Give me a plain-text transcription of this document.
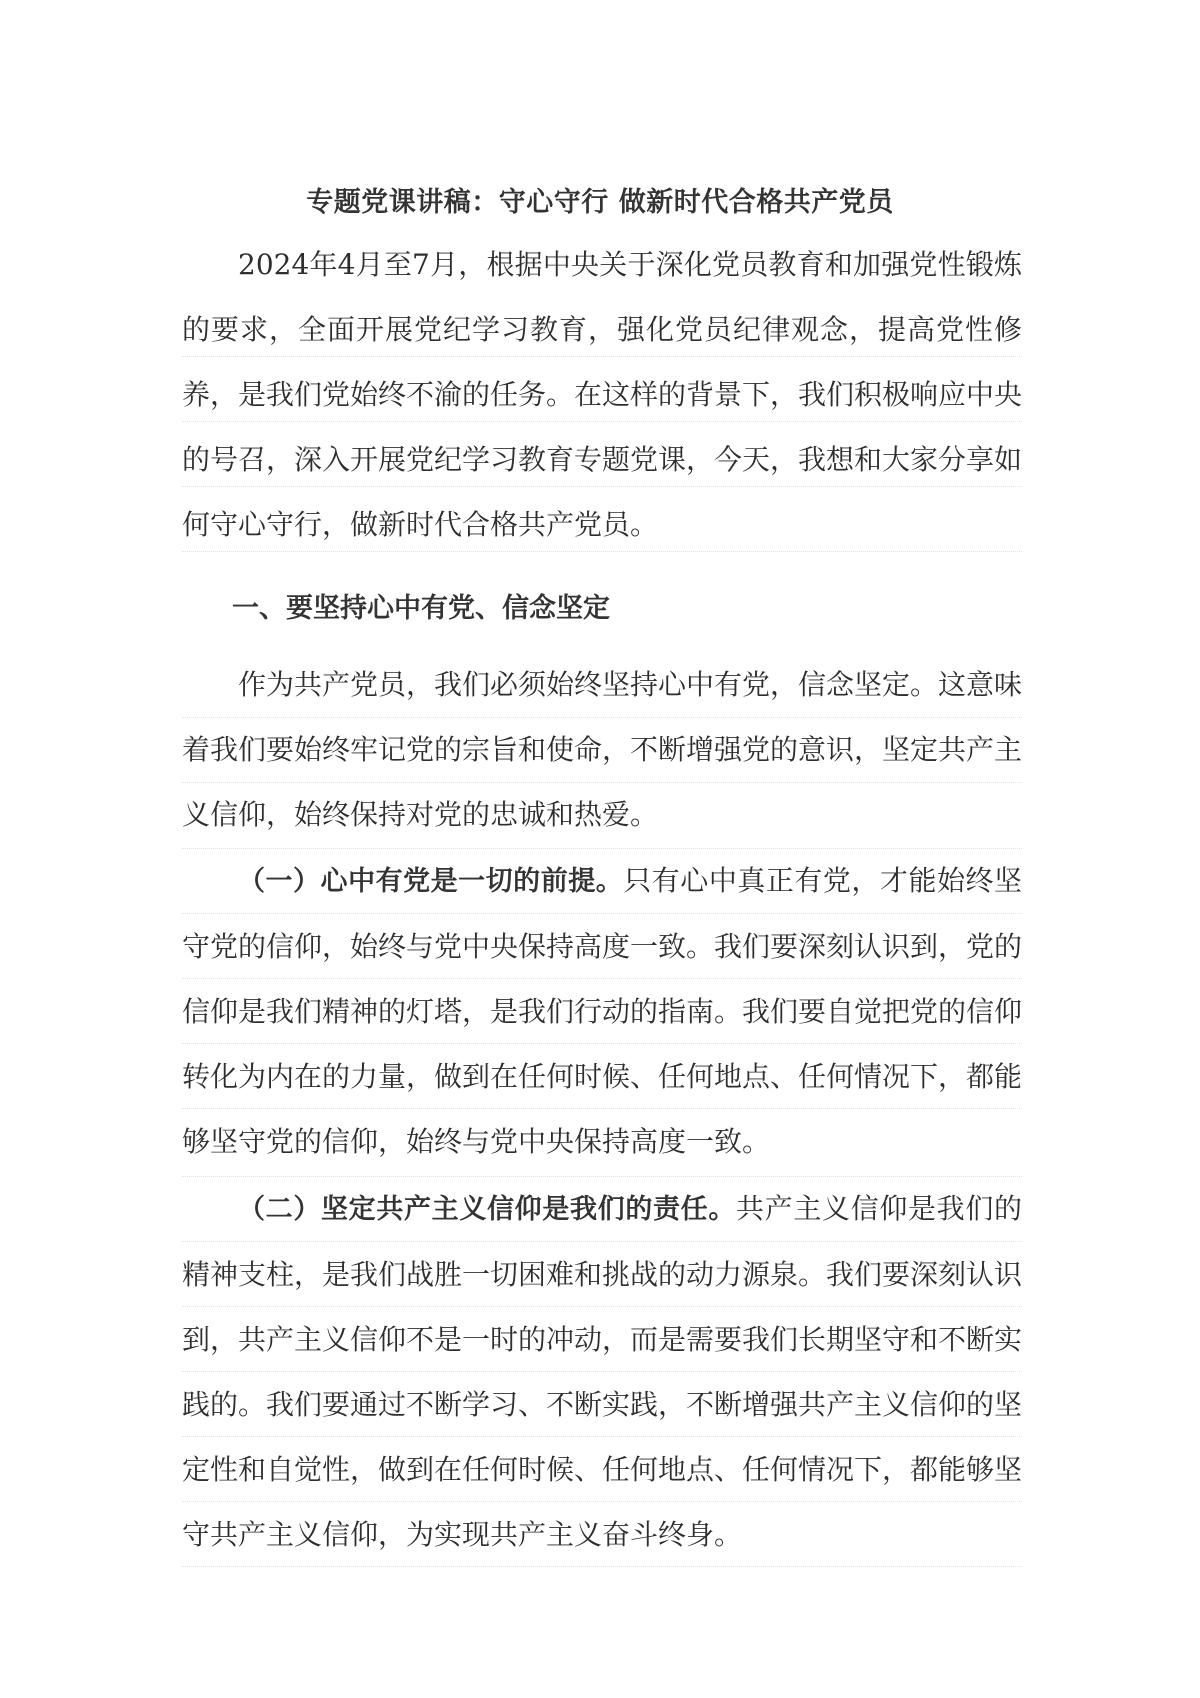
专题党课讲稿：守心守行 做新时代合格共产党员

2024年4月至7月，根据中央关于深化党员教育和加强党性锻炼的要求，全面开展党纪学习教育，强化党员纪律观念，提高党性修养，是我们党始终不渝的任务。在这样的背景下，我们积极响应中央的号召，深入开展党纪学习教育专题党课，今天，我想和大家分享如何守心守行，做新时代合格共产党员。

一、要坚持心中有党、信念坚定

作为共产党员，我们必须始终坚持心中有党，信念坚定。这意味着我们要始终牢记党的宗旨和使命，不断增强党的意识，坚定共产主义信仰，始终保持对党的忠诚和热爱。

（一）心中有党是一切的前提。只有心中真正有党，才能始终坚守党的信仰，始终与党中央保持高度一致。我们要深刻认识到，党的信仰是我们精神的灯塔，是我们行动的指南。我们要自觉把党的信仰转化为内在的力量，做到在任何时候、任何地点、任何情况下，都能够坚守党的信仰，始终与党中央保持高度一致。

（二）坚定共产主义信仰是我们的责任。共产主义信仰是我们的精神支柱，是我们战胜一切困难和挑战的动力源泉。我们要深刻认识到，共产主义信仰不是一时的冲动，而是需要我们长期坚守和不断实践的。我们要通过不断学习、不断实践，不断增强共产主义信仰的坚定性和自觉性，做到在任何时候、任何地点、任何情况下，都能够坚守共产主义信仰，为实现共产主义奋斗终身。
